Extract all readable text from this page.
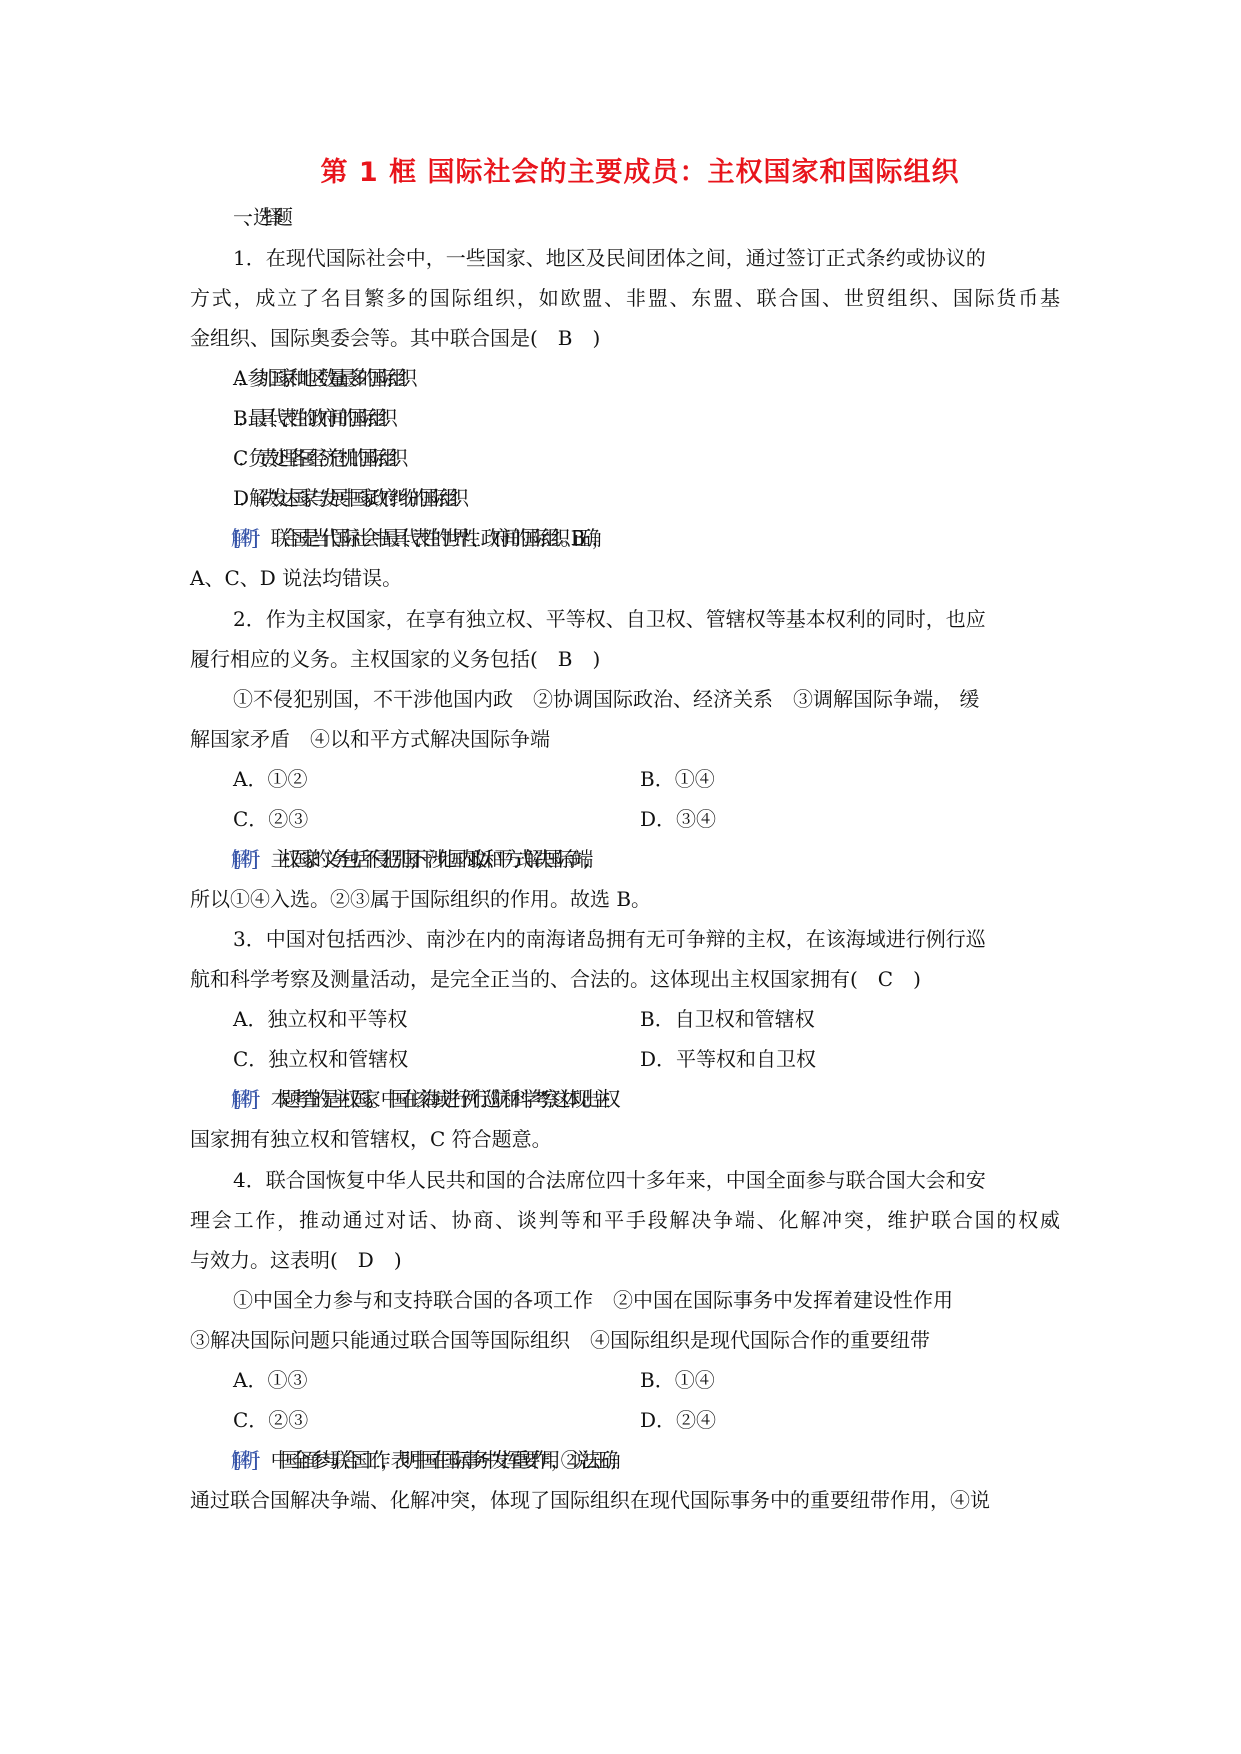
第 1 框 国际社会的主要成员：主权国家和国际组织
一、选择题
1．在现代国际社会中，一些国家、地区及民间团体之间，通过签订正式条约或协议的
方式，成立了名目繁多的国际组织，如欧盟、非盟、东盟、联合国、世贸组织、国际货币基
金组织、国际奥委会等。其中联合国是(　B　)
A．参加国家和地区数量最多的国际组织
B．最具代表性的政府间的国际组织
C．负责处理各国经济危机的国际组织
D．解决发达国家与发展中国家政府纠纷的国际组织
[解析] 联合国是当代国际社会中最具代表性的世界性、政府间的国际组织。B 正确，
A、C、D 说法均错误。
2．作为主权国家，在享有独立权、平等权、自卫权、管辖权等基本权利的同时，也应
履行相应的义务。主权国家的义务包括(　B　)
①不侵犯别国，不干涉他国内政　②协调国际政治、经济关系　③调解国际争端， 缓
解国家矛盾　④以和平方式解决国际争端
A．①②	B．①④
C．②③	D．③④
[解析] 主权国家的义务包括不侵犯别国,不干涉他国内政,以和平方式解决国际争端,
所以①④入选。②③属于国际组织的作用。故选 B。
3．中国对包括西沙、南沙在内的南海诸岛拥有无可争辩的主权，在该海域进行例行巡
航和科学考察及测量活动，是完全正当的、合法的。这体现出主权国家拥有(　C　)
A．独立权和平等权	B．自卫权和管辖权
C．独立权和管辖权	D．平等权和自卫权
[解析] 本题考查的是主权国家。中国在该海域进行例行巡航和科学考察这体现出主权
国家拥有独立权和管辖权，C 符合题意。
4．联合国恢复中华人民共和国的合法席位四十多年来，中国全面参与联合国大会和安
理会工作，推动通过对话、协商、谈判等和平手段解决争端、化解冲突，维护联合国的权威
与效力。这表明(　D　)
①中国全力参与和支持联合国的各项工作　②中国在国际事务中发挥着建设性作用
③解决国际问题只能通过联合国等国际组织　④国际组织是现代国际合作的重要纽带
A．①③	B．①④
C．②③	D．②④
[解析] 中国全面参与联合国工作，表明中国在国际事务中发挥重要作用，②说法正确;
通过联合国解决争端、化解冲突，体现了国际组织在现代国际事务中的重要纽带作用，④说
